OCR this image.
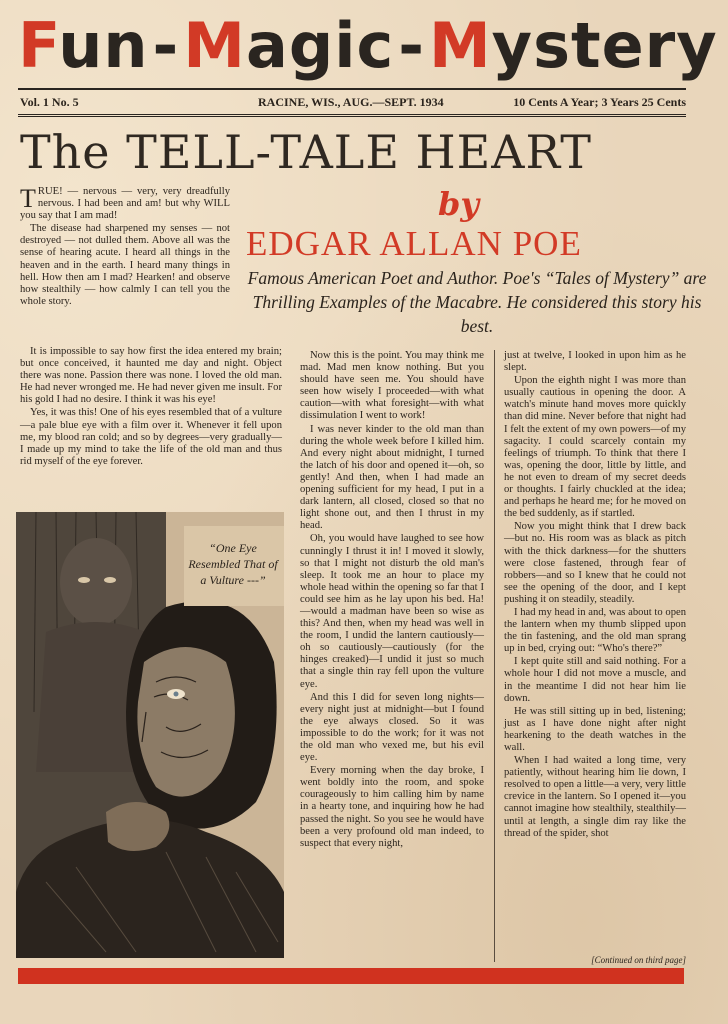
Fun-Magic-Mystery
Vol. 1 No. 5	RACINE, WIS., AUG.—SEPT. 1934	10 Cents A Year; 3 Years 25 Cents
The TELL-TALE HEART
by
EDGAR ALLAN POE
Famous American Poet and Author. Poe's “Tales of Mystery” are Thrilling Examples of the Macabre. He considered this story his best.

TRUE! — nervous — very, very dreadfully nervous. I had been and am! but why WILL you say that I am mad!

The disease had sharpened my senses — not destroyed — not dulled them. Above all was the sense of hearing acute. I heard all things in the heaven and in the earth. I heard many things in hell. How then am I mad? Hearken! and observe how stealthily — how calmly I can tell you the whole story.

It is impossible to say how first the idea entered my brain; but once conceived, it haunted me day and night. Object there was none. Passion there was none. I loved the old man. He had never wronged me. He had never given me insult. For his gold I had no desire. I think it was his eye!

Yes, it was this! One of his eyes resembled that of a vulture—a pale blue eye with a film over it. Whenever it fell upon me, my blood ran cold; and so by degrees—very gradually—I made up my mind to take the life of the old man and thus rid myself of the eye forever.

“One Eye Resembled That of a Vulture ---”

Now this is the point. You may think me mad. Mad men know nothing. But you should have seen me. You should have seen how wisely I proceeded—with what caution—with what foresight—with what dissimulation I went to work!

I was never kinder to the old man than during the whole week before I killed him. And every night about midnight, I turned the latch of his door and opened it—oh, so gently! And then, when I had made an opening sufficient for my head, I put in a dark lantern, all closed, closed so that no light shone out, and then I thrust in my head.

Oh, you would have laughed to see how cunningly I thrust it in! I moved it slowly, so that I might not disturb the old man's sleep. It took me an hour to place my whole head within the opening so far that I could see him as he lay upon his bed. Ha!—would a madman have been so wise as this? And then, when my head was well in the room, I undid the lantern cautiously—oh so cautiously—cautiously (for the hinges creaked)—I undid it just so much that a single thin ray fell upon the vulture eye.

And this I did for seven long nights—every night just at midnight—but I found the eye always closed. So it was impossible to do the work; for it was not the old man who vexed me, but his evil eye.

Every morning when the day broke, I went boldly into the room, and spoke courageously to him calling him by name in a hearty tone, and inquiring how he had passed the night. So you see he would have been a very profound old man indeed, to suspect that every night,

just at twelve, I looked in upon him as he slept.

Upon the eighth night I was more than usually cautious in opening the door. A watch's minute hand moves more quickly than did mine. Never before that night had I felt the extent of my own powers—of my sagacity. I could scarcely contain my feelings of triumph. To think that there I was, opening the door, little by little, and he not even to dream of my secret deeds or thoughts. I fairly chuckled at the idea; and perhaps he heard me; for he moved on the bed suddenly, as if startled.

Now you might think that I drew back—but no. His room was as black as pitch with the thick darkness—for the shutters were close fastened, through fear of robbers—and so I knew that he could not see the opening of the door, and I kept pushing it on steadily, steadily.

I had my head in and, was about to open the lantern when my thumb slipped upon the tin fastening, and the old man sprang up in bed, crying out: “Who's there?”

I kept quite still and said nothing. For a whole hour I did not move a muscle, and in the meantime I did not hear him lie down.

He was still sitting up in bed, listening; just as I have done night after night hearkening to the death watches in the wall.

When I had waited a long time, very patiently, without hearing him lie down, I resolved to open a little—a very, very little crevice in the lantern. So I opened it—you cannot imagine how stealthily, stealthily—until at length, a single dim ray like the thread of the spider, shot

[Continued on third page]
